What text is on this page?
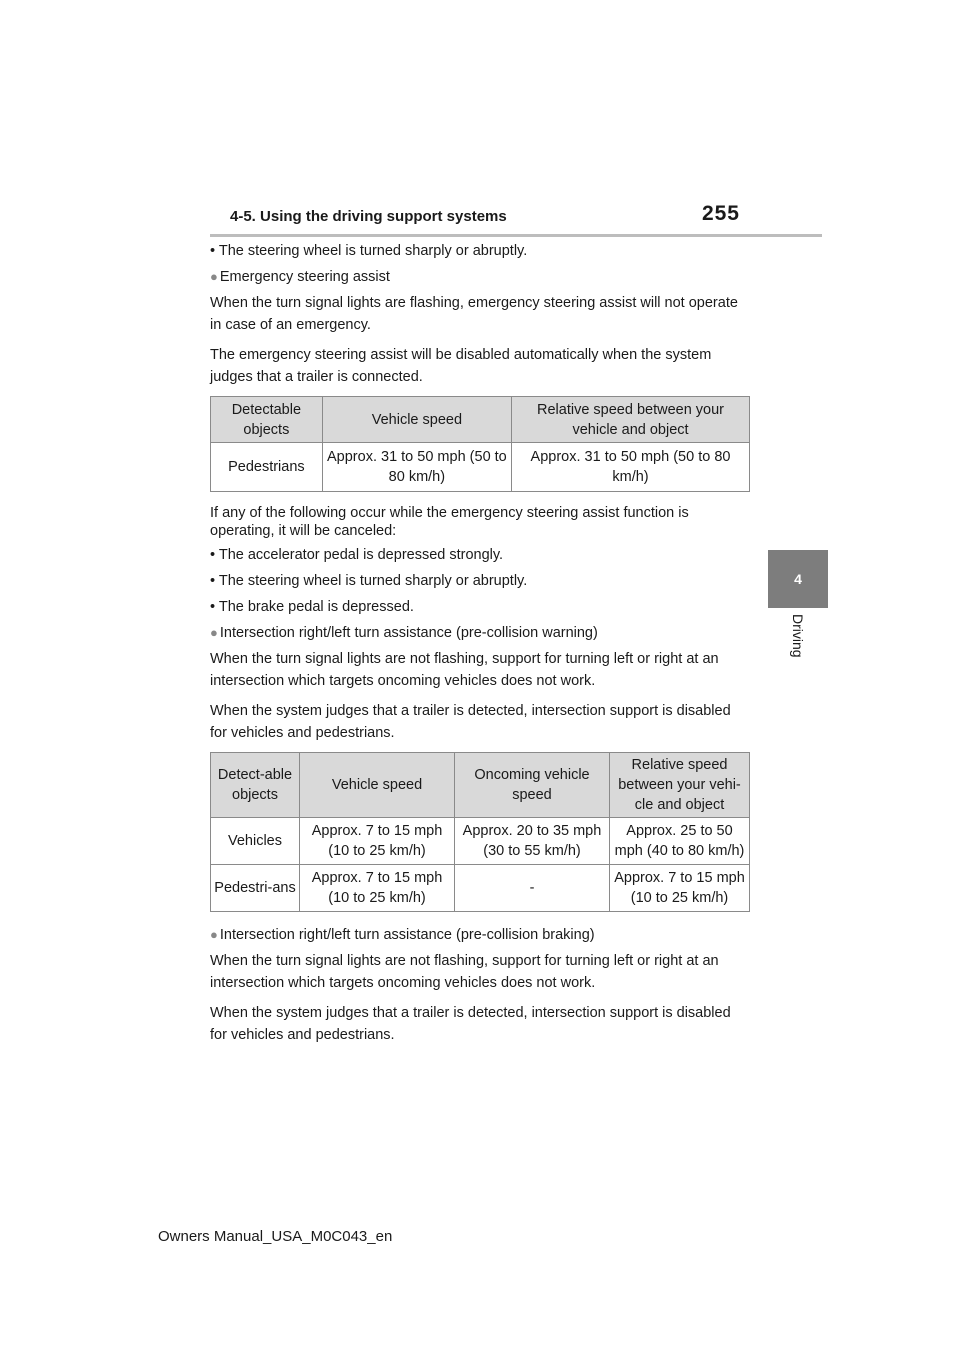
4-5. Using the driving support systems	255
4
Driving

• The steering wheel is turned sharply or abruptly.

● Emergency steering assist

When the turn signal lights are flashing, emergency steering assist will not operate in case of an emergency.

The emergency steering assist will be disabled automatically when the system judges that a trailer is connected.

Detectable objects	Vehicle speed	Relative speed between your vehicle and object
Pedestrians	Approx. 31 to 50 mph (50 to 80 km/h)	Approx. 31 to 50 mph (50 to 80 km/h)

If any of the following occur while the emergency steering assist function is operating, it will be canceled:

• The accelerator pedal is depressed strongly.

• The steering wheel is turned sharply or abruptly.

• The brake pedal is depressed.

● Intersection right/left turn assistance (pre-collision warning)

When the turn signal lights are not flashing, support for turning left or right at an intersection which targets oncoming vehicles does not work.

When the system judges that a trailer is detected, intersection support is disabled for vehicles and pedestrians.

Detect-able objects	Vehicle speed	Oncoming vehicle speed	Relative speed between your vehi-cle and object
Vehicles	Approx. 7 to 15 mph (10 to 25 km/h)	Approx. 20 to 35 mph (30 to 55 km/h)	Approx. 25 to 50 mph (40 to 80 km/h)
Pedestri-ans	Approx. 7 to 15 mph (10 to 25 km/h)	-	Approx. 7 to 15 mph (10 to 25 km/h)

● Intersection right/left turn assistance (pre-collision braking)

When the turn signal lights are not flashing, support for turning left or right at an intersection which targets oncoming vehicles does not work.

When the system judges that a trailer is detected, intersection support is disabled for vehicles and pedestrians.

Owners Manual_USA_M0C043_en
